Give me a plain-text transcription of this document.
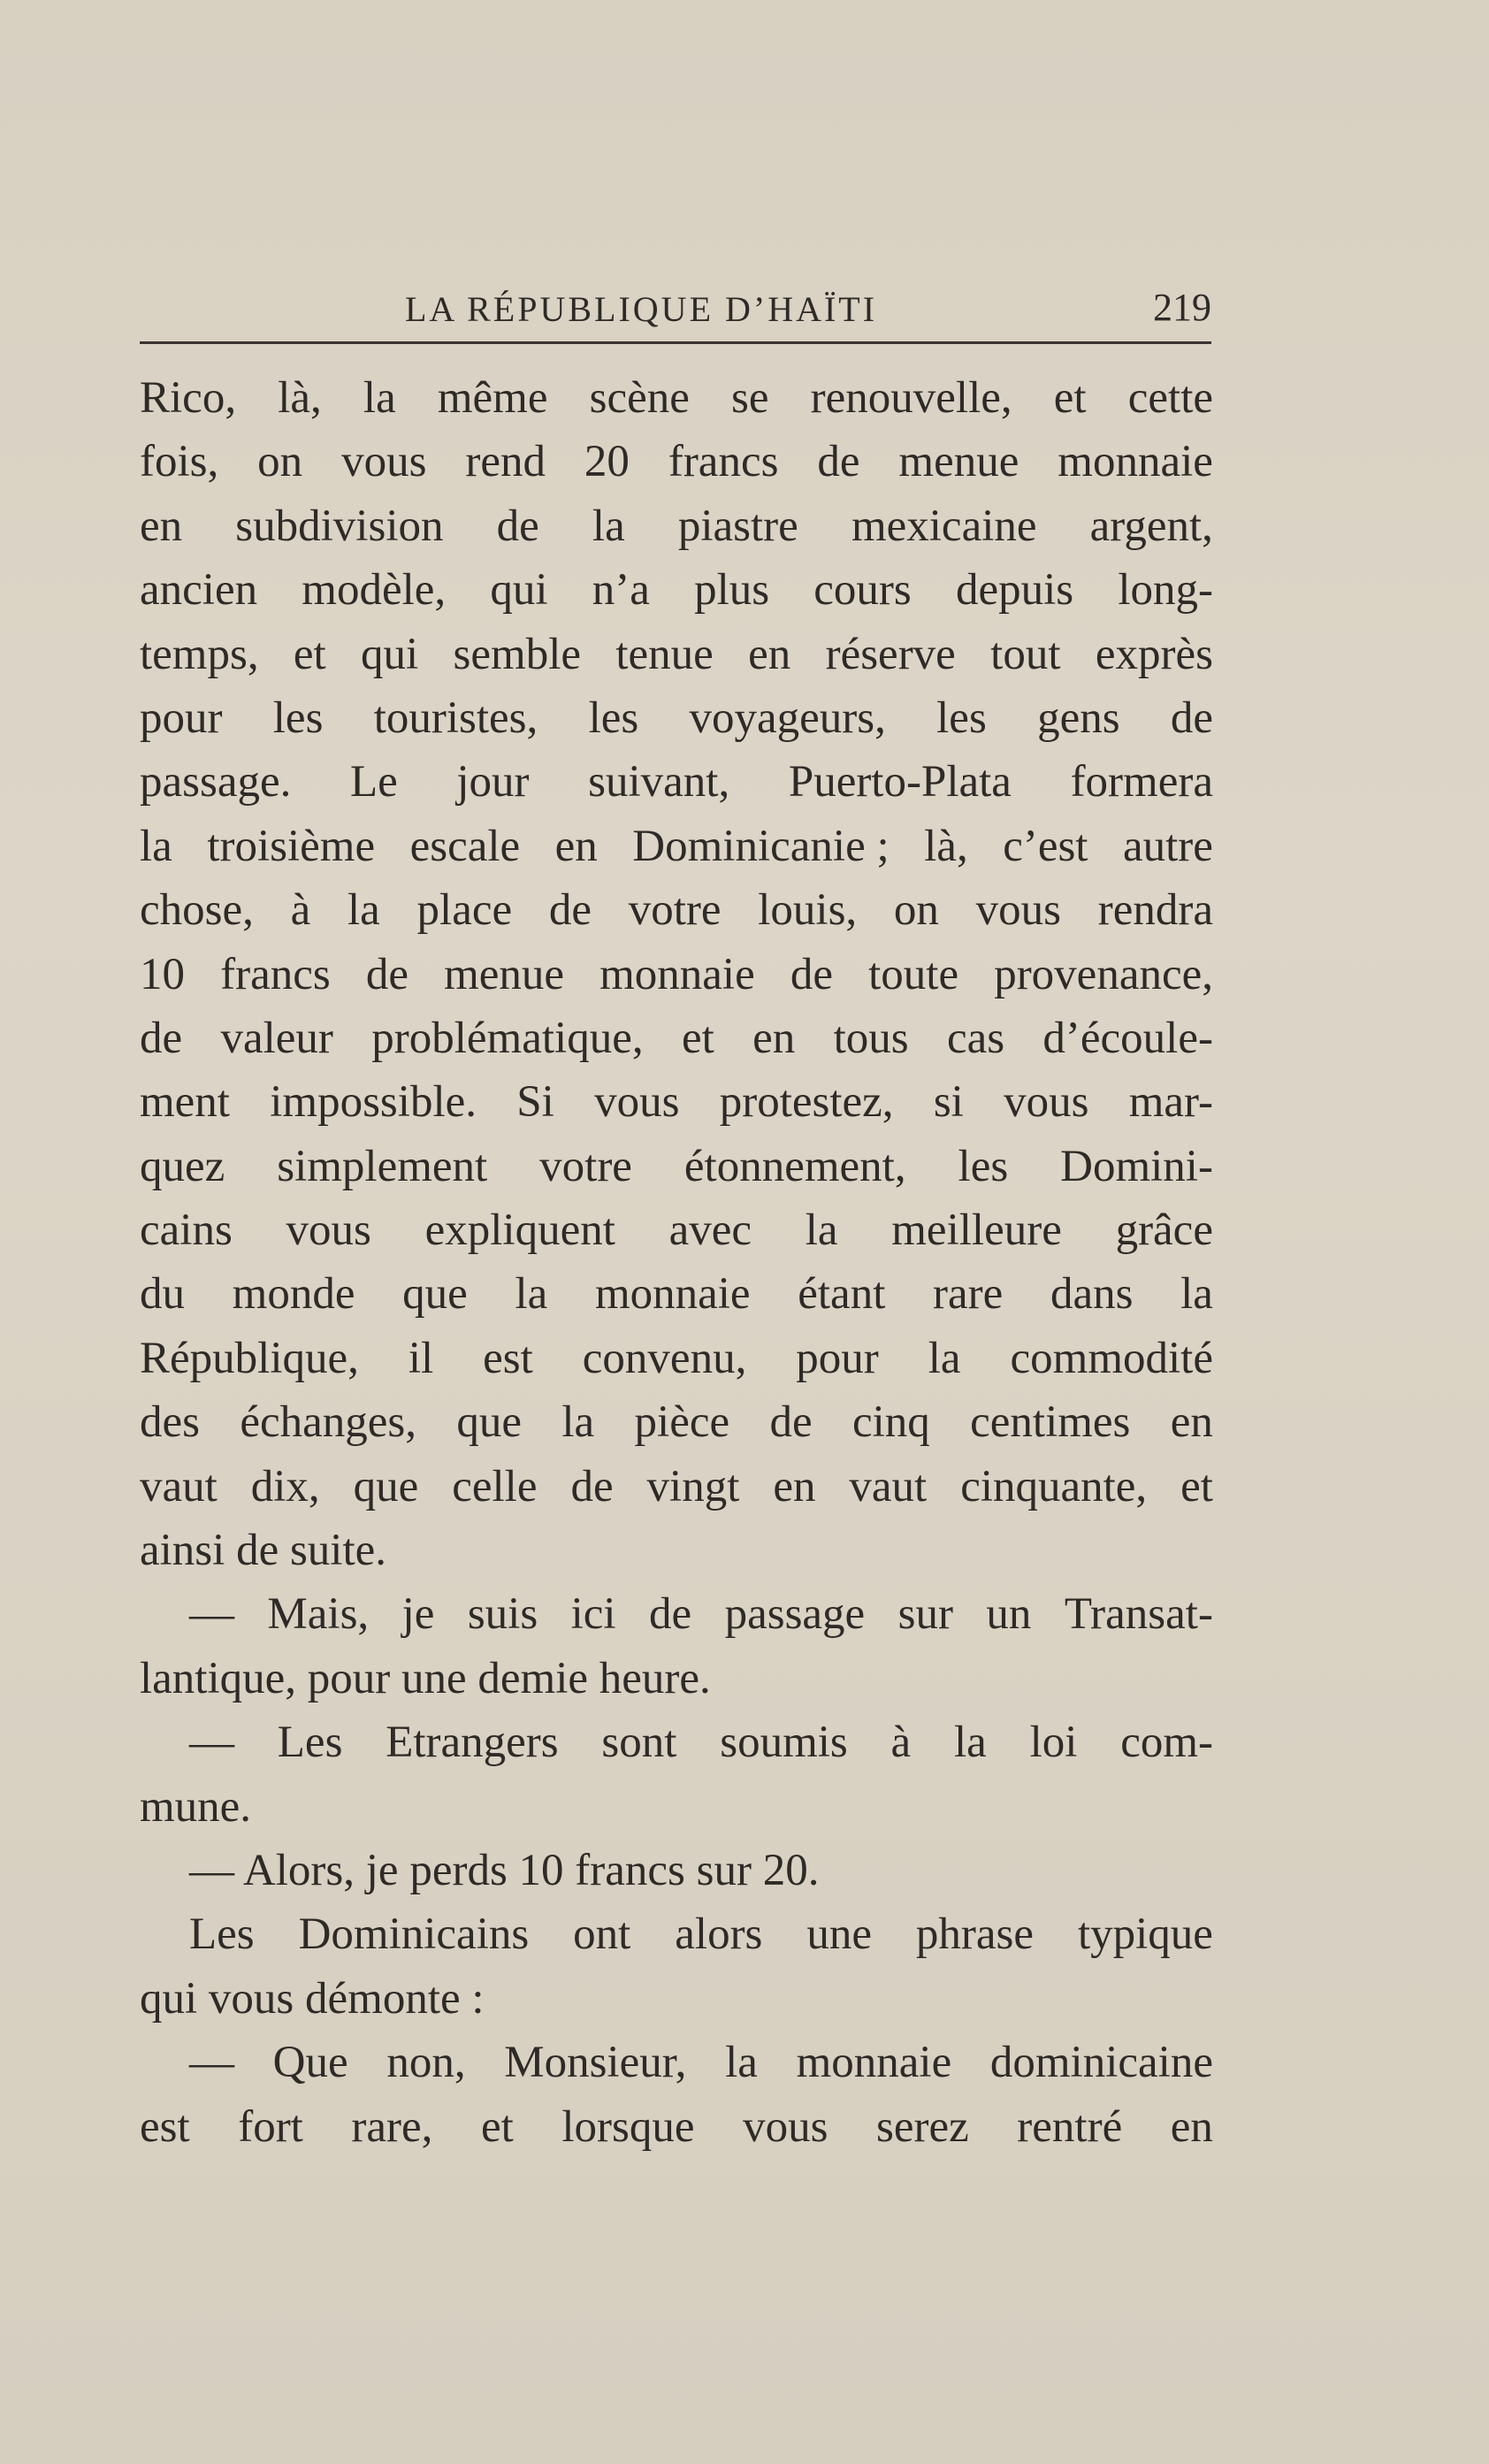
LA RÉPUBLIQUE D’HAÏTI	219
Rico, là, la même scène se renouvelle, et cette
fois, on vous rend 20 francs de menue monnaie
en subdivision de la piastre mexicaine argent,
ancien modèle, qui n’a plus cours depuis long-
temps, et qui semble tenue en réserve tout exprès
pour les touristes, les voyageurs, les gens de
passage. Le jour suivant, Puerto-Plata formera
la troisième escale en Dominicanie ; là, c’est autre
chose, à la place de votre louis, on vous rendra
10 francs de menue monnaie de toute provenance,
de valeur problématique, et en tous cas d’écoule-
ment impossible. Si vous protestez, si vous mar-
quez simplement votre étonnement, les Domini-
cains vous expliquent avec la meilleure grâce
du monde que la monnaie étant rare dans la
République, il est convenu, pour la commodité
des échanges, que la pièce de cinq centimes en
vaut dix, que celle de vingt en vaut cinquante, et
ainsi de suite.
— Mais, je suis ici de passage sur un Transat-
lantique, pour une demie heure.
— Les Etrangers sont soumis à la loi com-
mune.
— Alors, je perds 10 francs sur 20.
Les Dominicains ont alors une phrase typique
qui vous démonte :
— Que non, Monsieur, la monnaie dominicaine
est fort rare, et lorsque vous serez rentré en
